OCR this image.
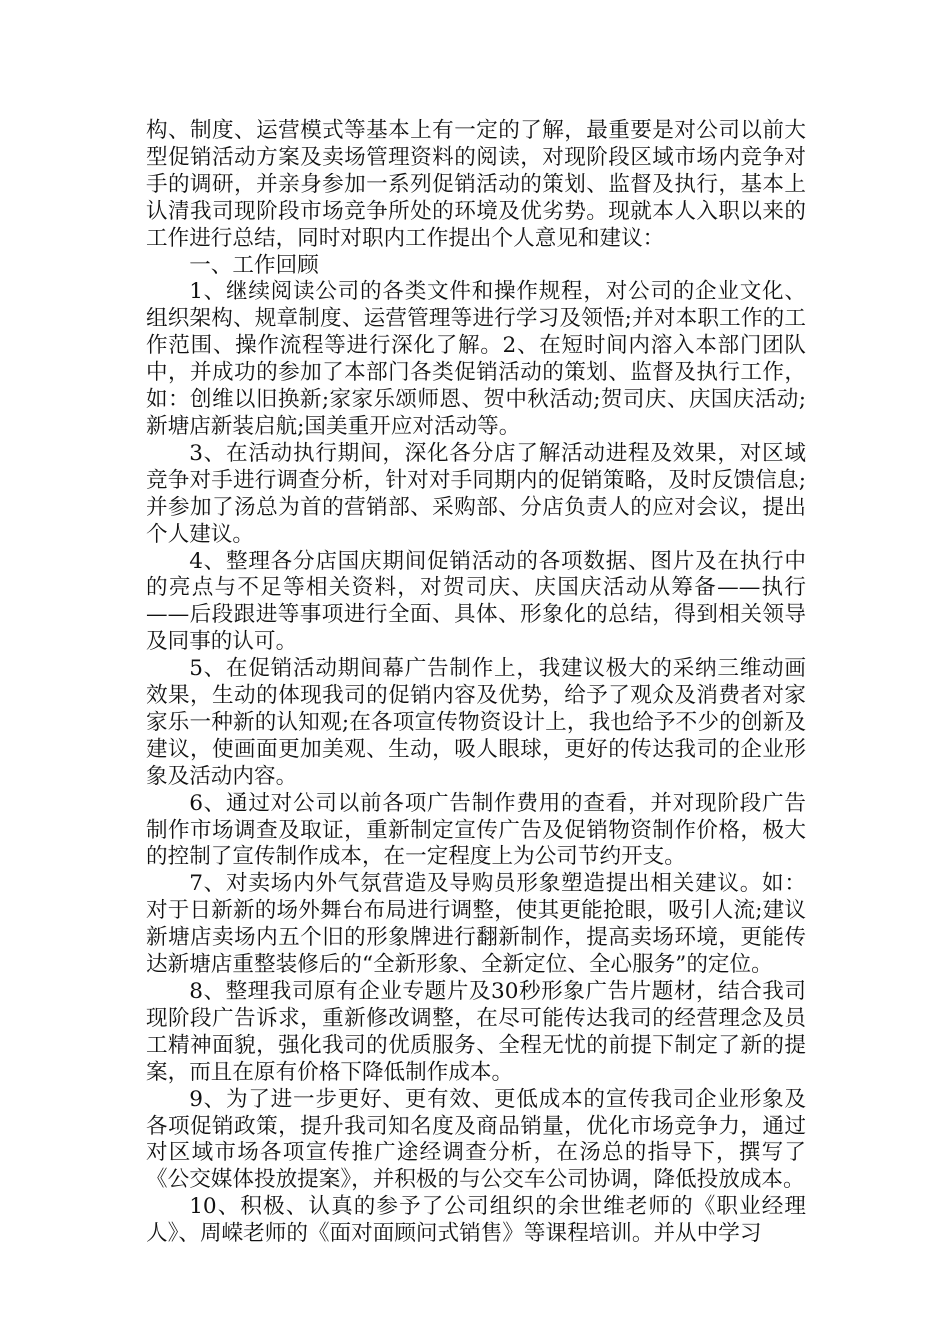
构、制度、运营模式等基本上有一定的了解，最重要是对公司以前大型促销活动方案及卖场管理资料的阅读，对现阶段区域市场内竞争对手的调研，并亲身参加一系列促销活动的策划、监督及执行，基本上认清我司现阶段市场竞争所处的环境及优劣势。现就本人入职以来的工作进行总结，同时对职内工作提出个人意见和建议：

一、工作回顾

1、继续阅读公司的各类文件和操作规程，对公司的企业文化、组织架构、规章制度、运营管理等进行学习及领悟;并对本职工作的工作范围、操作流程等进行深化了解。2、在短时间内溶入本部门团队中，并成功的参加了本部门各类促销活动的策划、监督及执行工作，如：创维以旧换新;家家乐颂师恩、贺中秋活动;贺司庆、庆国庆活动;新塘店新装启航;国美重开应对活动等。

3、在活动执行期间，深化各分店了解活动进程及效果，对区域竞争对手进行调查分析，针对对手同期内的促销策略，及时反馈信息;并参加了汤总为首的营销部、采购部、分店负责人的应对会议，提出个人建议。

4、整理各分店国庆期间促销活动的各项数据、图片及在执行中的亮点与不足等相关资料，对贺司庆、庆国庆活动从筹备——执行——后段跟进等事项进行全面、具体、形象化的总结，得到相关领导及同事的认可。

5、在促销活动期间幕广告制作上，我建议极大的采纳三维动画效果，生动的体现我司的促销内容及优势，给予了观众及消费者对家家乐一种新的认知观;在各项宣传物资设计上，我也给予不少的创新及建议，使画面更加美观、生动，吸人眼球，更好的传达我司的企业形象及活动内容。

6、通过对公司以前各项广告制作费用的查看，并对现阶段广告制作市场调查及取证，重新制定宣传广告及促销物资制作价格，极大的控制了宣传制作成本，在一定程度上为公司节约开支。

7、对卖场内外气氛营造及导购员形象塑造提出相关建议。如：对于日新新的场外舞台布局进行调整，使其更能抢眼，吸引人流;建议新塘店卖场内五个旧的形象牌进行翻新制作，提高卖场环境，更能传达新塘店重整装修后的“全新形象、全新定位、全心服务”的定位。

8、整理我司原有企业专题片及30秒形象广告片题材，结合我司现阶段广告诉求，重新修改调整，在尽可能传达我司的经营理念及员工精神面貌，强化我司的优质服务、全程无忧的前提下制定了新的提案，而且在原有价格下降低制作成本。

9、为了进一步更好、更有效、更低成本的宣传我司企业形象及各项促销政策，提升我司知名度及商品销量，优化市场竞争力，通过对区域市场各项宣传推广途经调查分析，在汤总的指导下，撰写了《公交媒体投放提案》，并积极的与公交车公司协调，降低投放成本。

10、积极、认真的参予了公司组织的余世维老师的《职业经理人》、周嵘老师的《面对面顾问式销售》等课程培训。并从中学习
